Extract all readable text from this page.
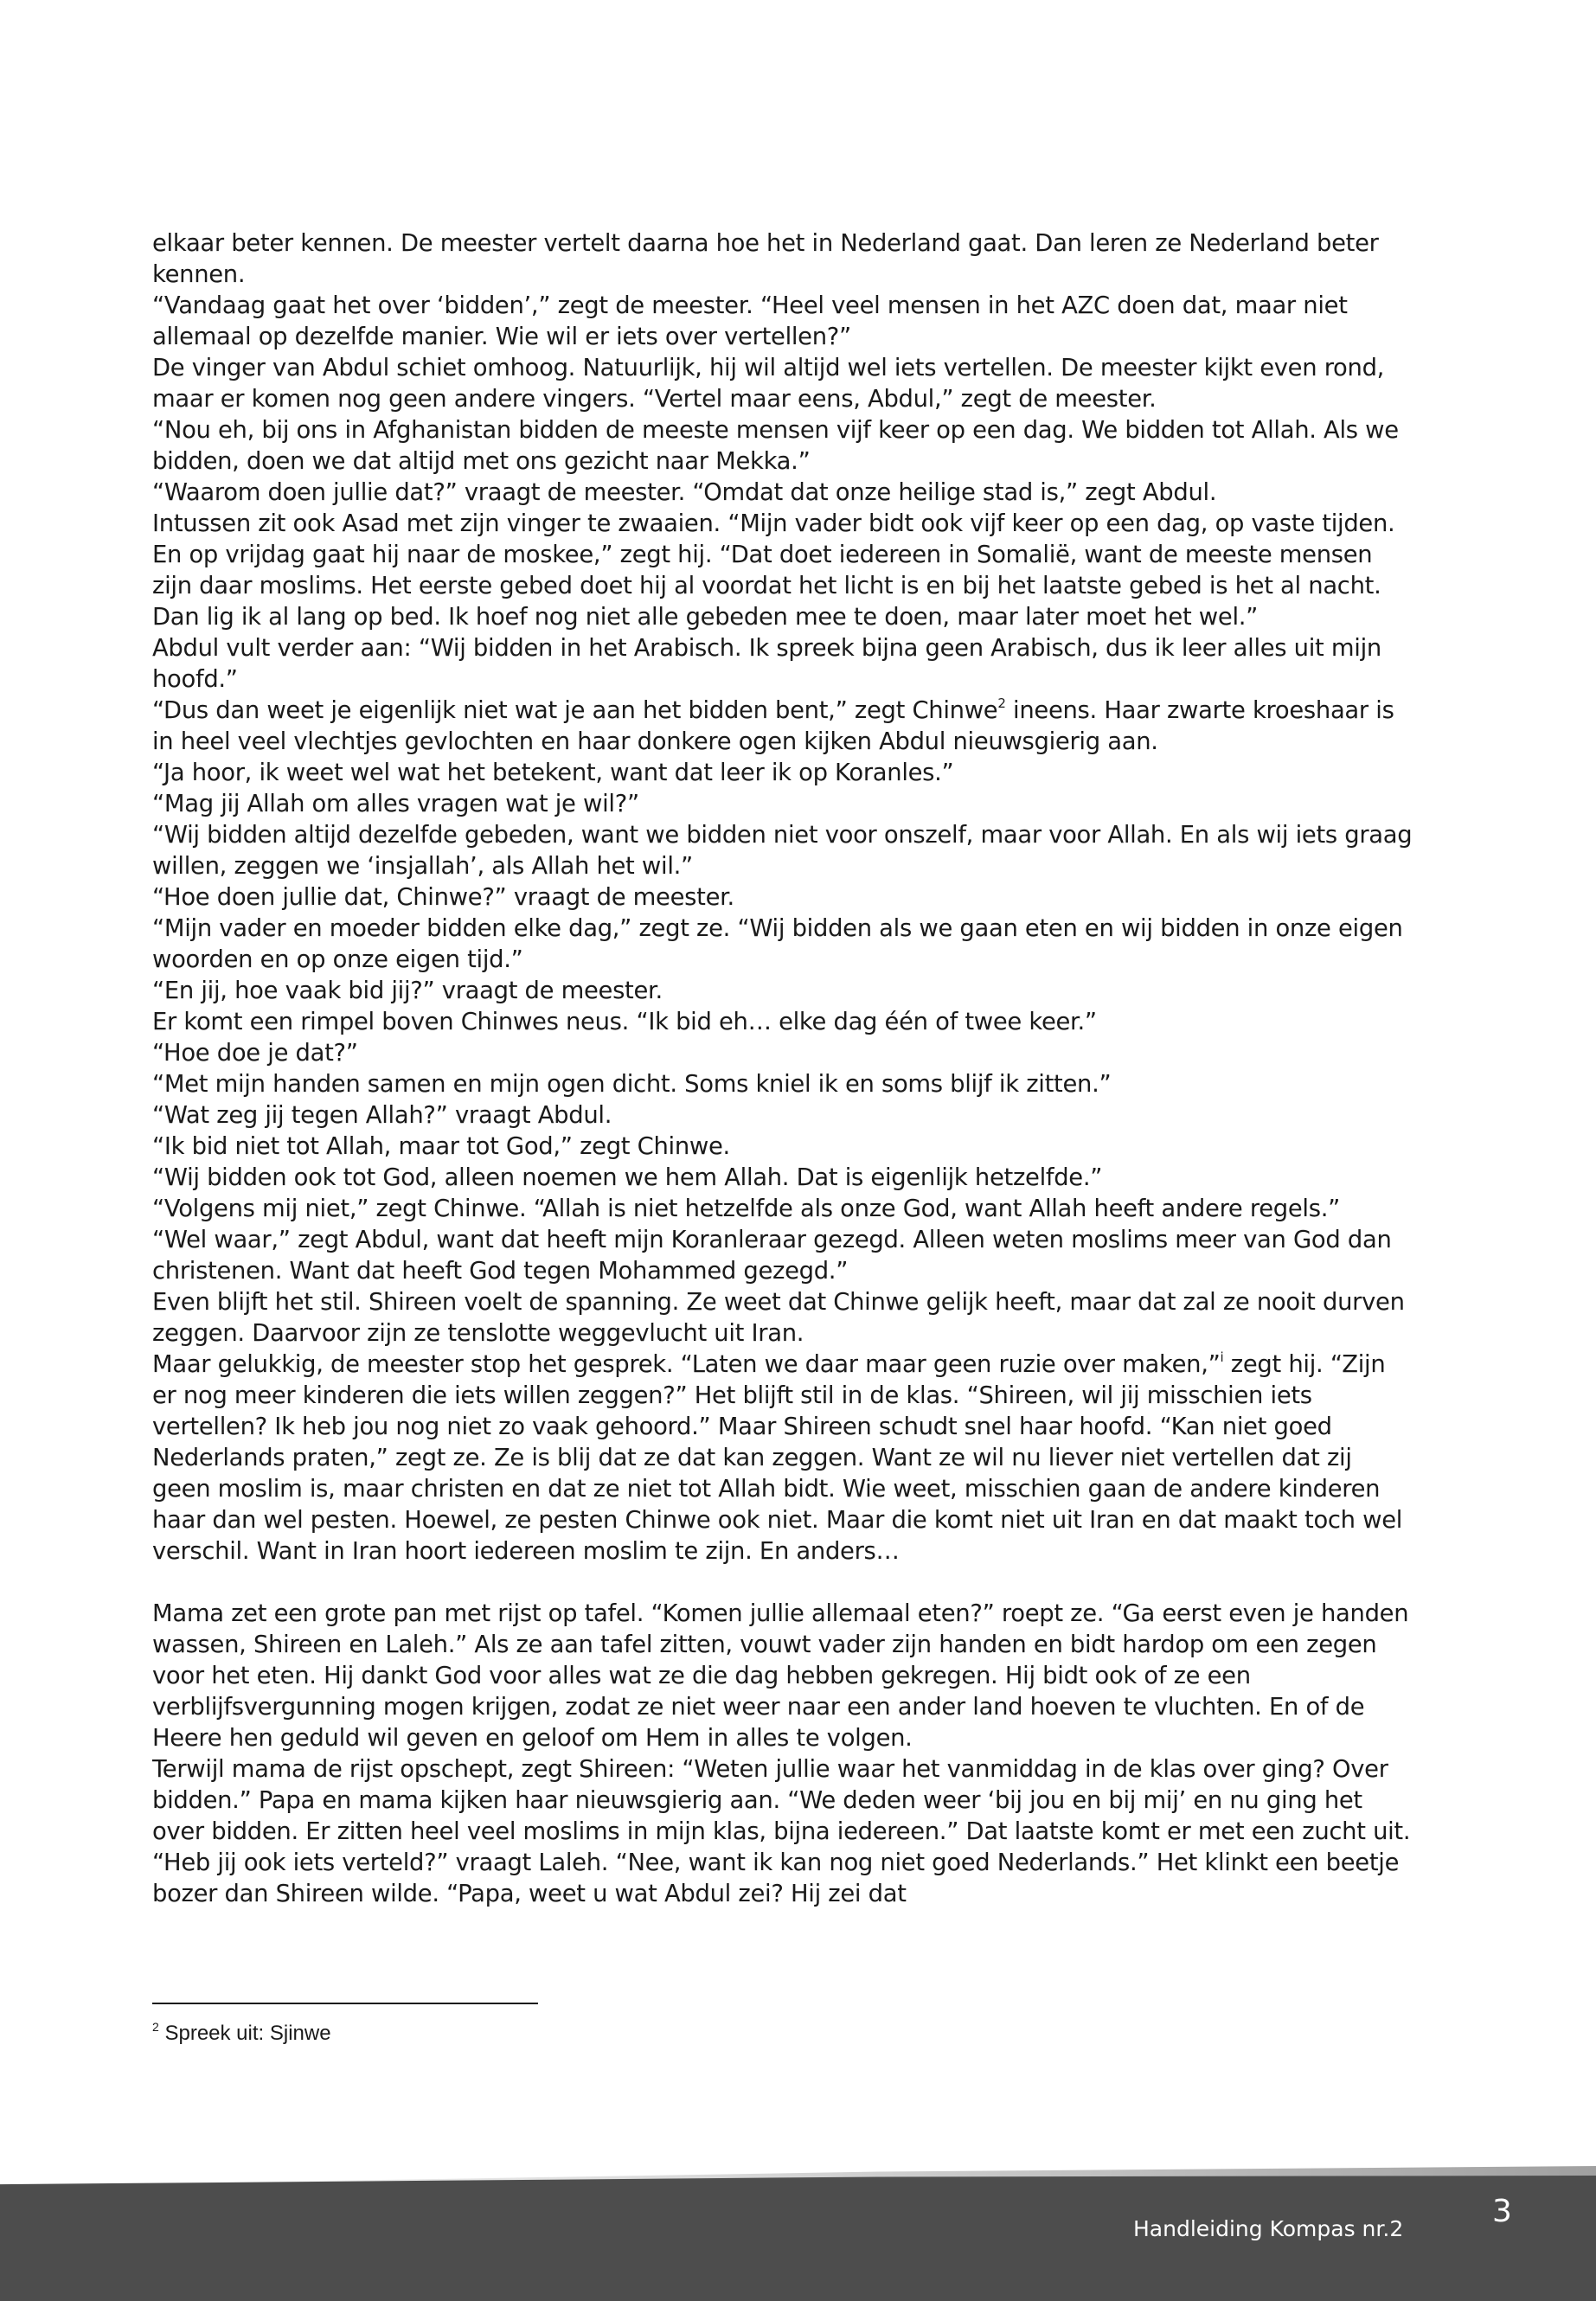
elkaar beter kennen. De meester vertelt daarna hoe het in Nederland gaat. Dan leren ze Nederland beter kennen.

“Vandaag gaat het over ‘bidden’,” zegt de meester. “Heel veel mensen in het AZC doen dat, maar niet allemaal op dezelfde manier. Wie wil er iets over vertellen?”

De vinger van Abdul schiet omhoog. Natuurlijk, hij wil altijd wel iets vertellen. De meester kijkt even rond, maar er komen nog geen andere vingers. “Vertel maar eens, Abdul,” zegt de meester.

“Nou eh, bij ons in Afghanistan bidden de meeste mensen vijf keer op een dag. We bidden tot Allah. Als we bidden, doen we dat altijd met ons gezicht naar Mekka.”

“Waarom doen jullie dat?” vraagt de meester. “Omdat dat onze heilige stad is,” zegt Abdul.

Intussen zit ook Asad met zijn vinger te zwaaien. “Mijn vader bidt ook vijf keer op een dag, op vaste tijden. En op vrijdag gaat hij naar de moskee,” zegt hij. “Dat doet iedereen in Somalië, want de meeste mensen zijn daar moslims. Het eerste gebed doet hij al voordat het licht is en bij het laatste gebed is het al nacht. Dan lig ik al lang op bed. Ik hoef nog niet alle gebeden mee te doen, maar later moet het wel.”

Abdul vult verder aan: “Wij bidden in het Arabisch. Ik spreek bijna geen Arabisch, dus ik leer alles uit mijn hoofd.”

“Dus dan weet je eigenlijk niet wat je aan het bidden bent,” zegt Chinwe$^2$ ineens. Haar zwarte kroeshaar is in heel veel vlechtjes gevlochten en haar donkere ogen kijken Abdul nieuwsgierig aan.

“Ja hoor, ik weet wel wat het betekent, want dat leer ik op Koranles.”

“Mag jij Allah om alles vragen wat je wil?”

“Wij bidden altijd dezelfde gebeden, want we bidden niet voor onszelf, maar voor Allah. En als wij iets graag willen, zeggen we ‘insjallah’, als Allah het wil.”

“Hoe doen jullie dat, Chinwe?” vraagt de meester.

“Mijn vader en moeder bidden elke dag,” zegt ze. “Wij bidden als we gaan eten en wij bidden in onze eigen woorden en op onze eigen tijd.”

“En jij, hoe vaak bid jij?” vraagt de meester.

Er komt een rimpel boven Chinwes neus. “Ik bid eh… elke dag één of twee keer.”

“Hoe doe je dat?”

“Met mijn handen samen en mijn ogen dicht. Soms kniel ik en soms blijf ik zitten.”

“Wat zeg jij tegen Allah?” vraagt Abdul.

“Ik bid niet tot Allah, maar tot God,” zegt Chinwe.

“Wij bidden ook tot God, alleen noemen we hem Allah. Dat is eigenlijk hetzelfde.”

“Volgens mij niet,” zegt Chinwe. “Allah is niet hetzelfde als onze God, want Allah heeft andere regels.”

“Wel waar,” zegt Abdul, want dat heeft mijn Koranleraar gezegd. Alleen weten moslims meer van God dan christenen. Want dat heeft God tegen Mohammed gezegd.”

Even blijft het stil. Shireen voelt de spanning. Ze weet dat Chinwe gelijk heeft, maar dat zal ze nooit durven zeggen. Daarvoor zijn ze tenslotte weggevlucht uit Iran.

Maar gelukkig, de meester stop het gesprek. “Laten we daar maar geen ruzie over maken,”$^i$ zegt hij. “Zijn er nog meer kinderen die iets willen zeggen?” Het blijft stil in de klas. “Shireen, wil jij misschien iets vertellen? Ik heb jou nog niet zo vaak gehoord.” Maar Shireen schudt snel haar hoofd. “Kan niet goed Nederlands praten,” zegt ze. Ze is blij dat ze dat kan zeggen. Want ze wil nu liever niet vertellen dat zij geen moslim is, maar christen en dat ze niet tot Allah bidt. Wie weet, misschien gaan de andere kinderen haar dan wel pesten. Hoewel, ze pesten Chinwe ook niet. Maar die komt niet uit Iran en dat maakt toch wel verschil. Want in Iran hoort iedereen moslim te zijn. En anders…

Mama zet een grote pan met rijst op tafel. “Komen jullie allemaal eten?” roept ze. “Ga eerst even je handen wassen, Shireen en Laleh.” Als ze aan tafel zitten, vouwt vader zijn handen en bidt hardop om een zegen voor het eten. Hij dankt God voor alles wat ze die dag hebben gekregen. Hij bidt ook of ze een verblijfsvergunning mogen krijgen, zodat ze niet weer naar een ander land hoeven te vluchten. En of de Heere hen geduld wil geven en geloof om Hem in alles te volgen.

Terwijl mama de rijst opschept, zegt Shireen: “Weten jullie waar het vanmiddag in de klas over ging? Over bidden.” Papa en mama kijken haar nieuwsgierig aan. “We deden weer ‘bij jou en bij mij’ en nu ging het over bidden. Er zitten heel veel moslims in mijn klas, bijna iedereen.” Dat laatste komt er met een zucht uit. “Heb jij ook iets verteld?” vraagt Laleh. “Nee, want ik kan nog niet goed Nederlands.” Het klinkt een beetje bozer dan Shireen wilde. “Papa, weet u wat Abdul zei? Hij zei dat

$^2$ Spreek uit: Sjinwe
Handleiding Kompas nr.2	3
